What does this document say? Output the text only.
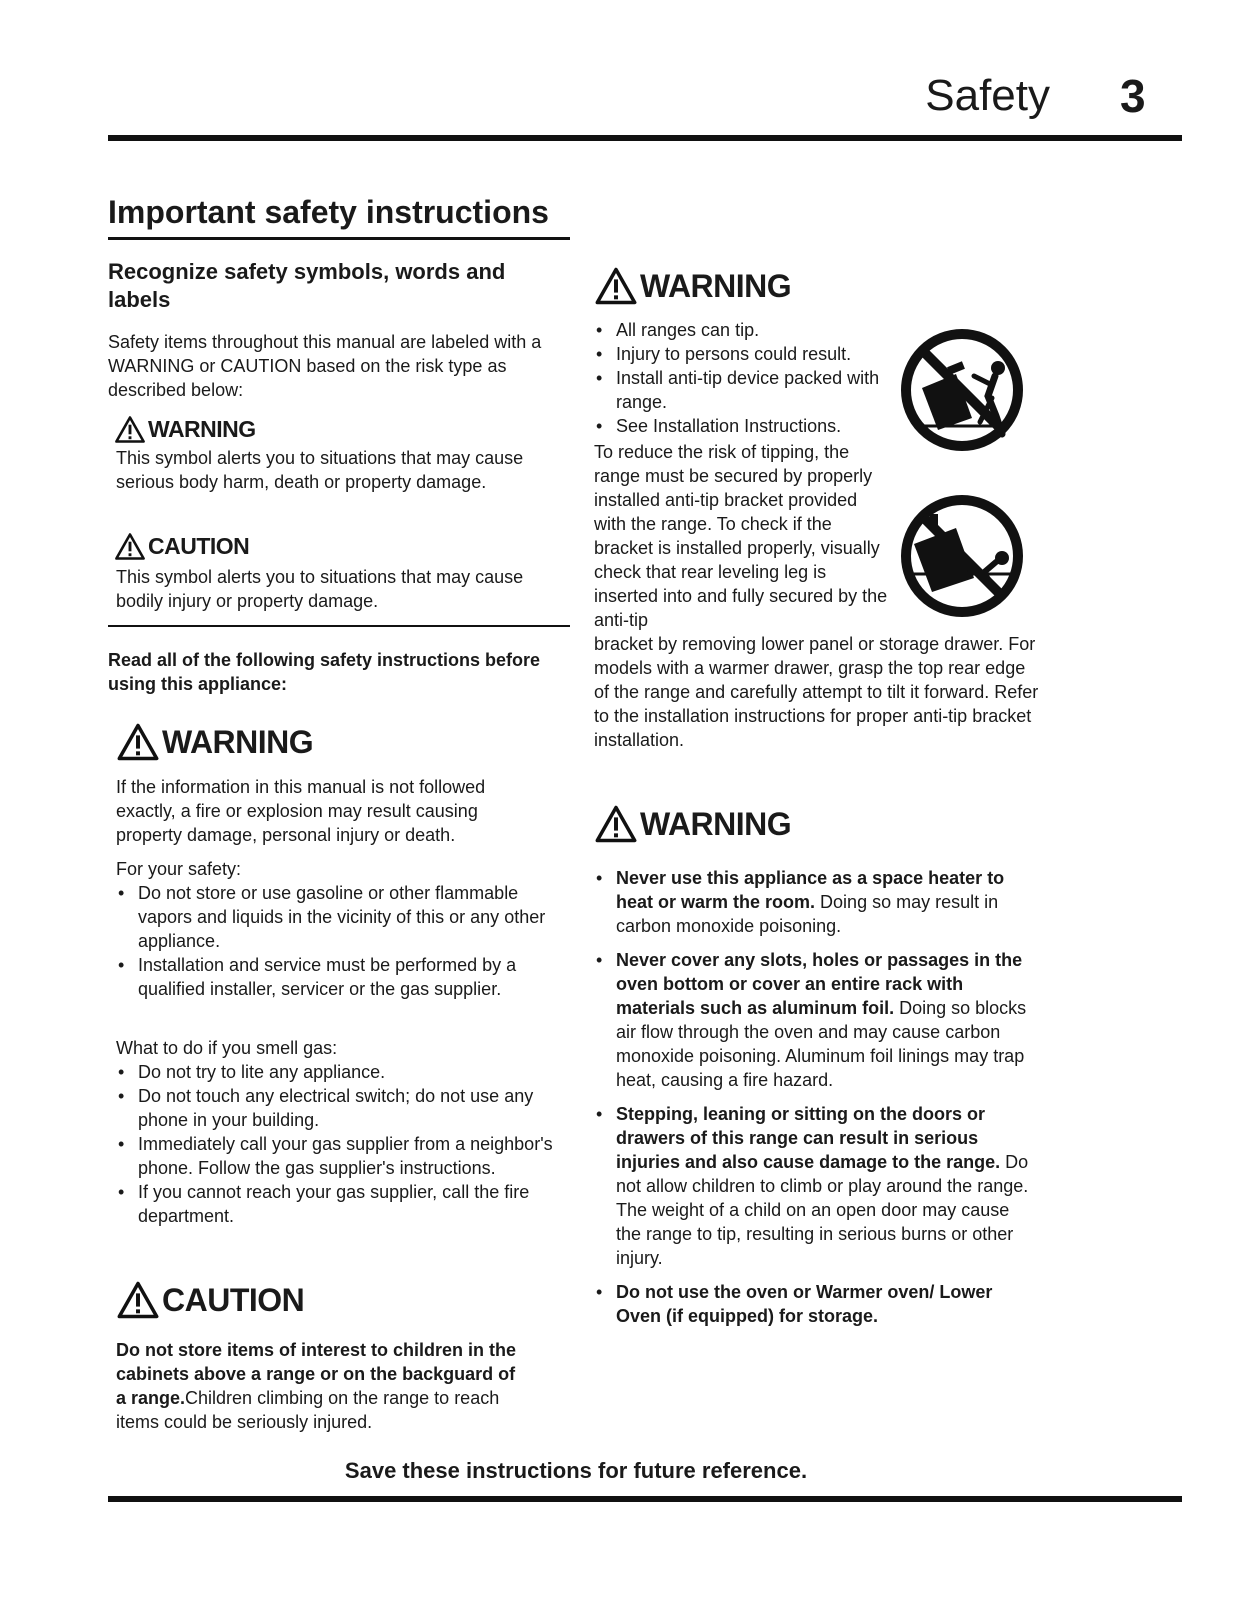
Safety 3
Important safety instructions
Recognize safety symbols, words and labels
Safety items throughout this manual are labeled with a WARNING or CAUTION based on the risk type as described below:
WARNING
This symbol alerts you to situations that may cause serious body harm, death or property damage.
CAUTION
This symbol alerts you to situations that may cause bodily injury or property damage.
Read all of the following safety instructions before using this appliance:
WARNING
If the information in this manual is not followed exactly, a fire or explosion may result causing property damage, personal injury or death.
For your safety:
• Do not store or use gasoline or other flammable vapors and liquids in the vicinity of this or any other appliance.
• Installation and service must be performed by a qualified installer, servicer or the gas supplier.
What to do if you smell gas:
• Do not try to lite any appliance.
• Do not touch any electrical switch; do not use any phone in your building.
• Immediately call your gas supplier from a neighbor's phone. Follow the gas supplier's instructions.
• If you cannot reach your gas supplier, call the fire department.
CAUTION
Do not store items of interest to children in the cabinets above a range or on the backguard of a range.Children climbing on the range to reach items could be seriously injured.
WARNING
• All ranges can tip.
• Injury to persons could result.
• Install anti-tip device packed with range.
• See Installation Instructions.
To reduce the risk of tipping, the range must be secured by properly installed anti-tip bracket provided with the range. To check if the bracket is installed properly, visually check that rear leveling leg is inserted into and fully secured by the anti-tip
bracket by removing lower panel or storage drawer. For models with a warmer drawer, grasp the top rear edge of the range and carefully attempt to tilt it forward. Refer to the installation instructions for proper anti-tip bracket installation.
WARNING
• Never use this appliance as a space heater to heat or warm the room. Doing so may result in carbon monoxide poisoning.
• Never cover any slots, holes or passages in the oven bottom or cover an entire rack with materials such as aluminum foil. Doing so blocks air flow through the oven and may cause carbon monoxide poisoning. Aluminum foil linings may trap heat, causing a fire hazard.
• Stepping, leaning or sitting on the doors or drawers of this range can result in serious injuries and also cause damage to the range. Do not allow children to climb or play around the range. The weight of a child on an open door may cause the range to tip, resulting in serious burns or other injury.
• Do not use the oven or Warmer oven/ Lower Oven (if equipped) for storage.
Save these instructions for future reference.
